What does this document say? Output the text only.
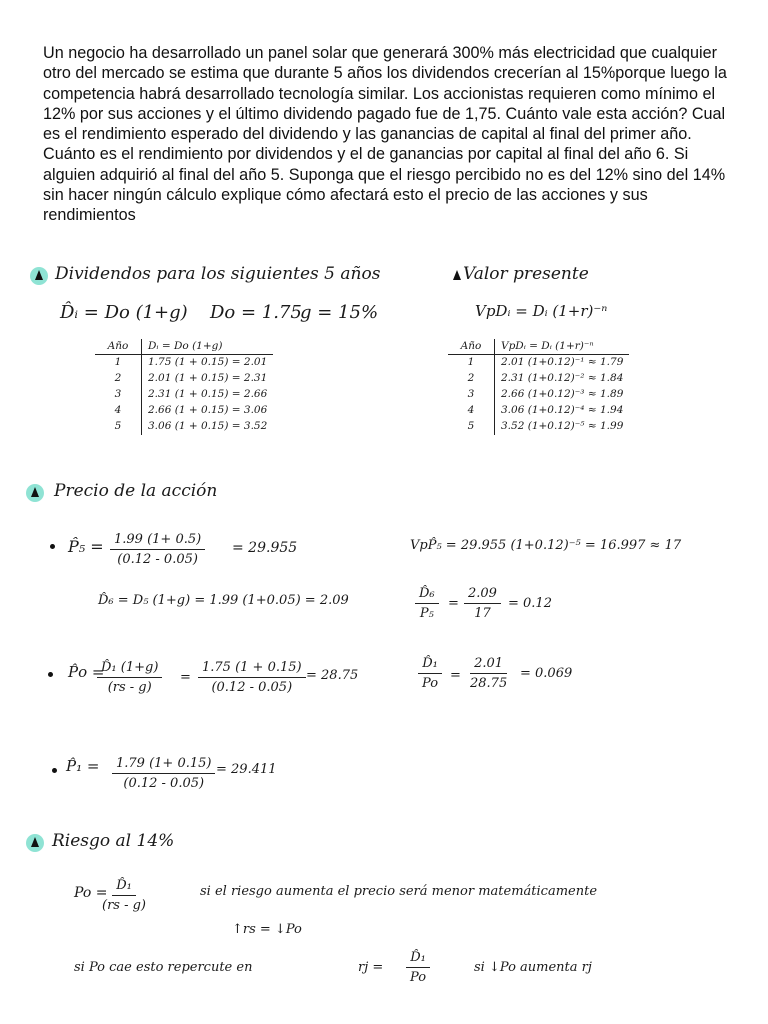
Un negocio ha desarrollado un panel solar que generará 300% más electricidad que cualquier otro del mercado se estima que durante 5 años los dividendos crecerían al 15%porque luego la competencia habrá desarrollado tecnología similar. Los accionistas requieren como mínimo el 12% por sus acciones y el último dividendo pagado fue de 1,75. Cuánto vale esta acción? Cual es el rendimiento esperado del dividendo y las ganancias de capital al final del primer año. Cuánto es el rendimiento por dividendos y el de ganancias por capital al final del año 6. Si alguien adquirió al final del año 5. Suponga que el riesgo percibido no es del 12% sino del 14% sin hacer ningún cálculo explique cómo afectará esto el precio de las acciones y sus rendimientos
Dividendos para los siguientes 5 años
D̂ᵢ = Do (1+g) Do = 1.75
g = 15%
Año	Dᵢ = Do (1+g)
1	1.75 (1 + 0.15) = 2.01
2	2.01 (1 + 0.15) = 2.31
3	2.31 (1 + 0.15) = 2.66
4	2.66 (1 + 0.15) = 3.06
5	3.06 (1 + 0.15) = 3.52
Valor presente
VpDᵢ = Dᵢ (1+r)⁻ⁿ
Año	VpDᵢ = Dᵢ (1+r)⁻ⁿ
1	2.01 (1+0.12)⁻¹ ≈ 1.79
2	2.31 (1+0.12)⁻² ≈ 1.84
3	2.66 (1+0.12)⁻³ ≈ 1.89
4	3.06 (1+0.12)⁻⁴ ≈ 1.94
5	3.52 (1+0.12)⁻⁵ ≈ 1.99
Precio de la acción
P̂₅ = $\frac{1.99 (1+ 0.5)}{(0.12 - 0.05)} = 29.955$	VpP̂₅ = 29.955 (1+0.12)⁻⁵ = 16.997 ≈ 17
D̂₆ = D₅ (1+g) = 1.99 (1+0.05) = 2.09	$\frac{\text{D̂₆}}{\text{P₅}} = \frac{2.09}{17} = 0.12$
P̂o =
$\frac{\text{D̂₁ (1+g)}}{(rs - g)} = \frac{1.75 (1 + 0.15)}{(0.12 - 0.05)} = 28.75$	$\frac{\text{D̂₁}}{Po} = \frac{2.01}{28.75} = 0.069$
P̂₁ = $\frac{1.79 (1+ 0.15)}{(0.12 - 0.05)} = 29.411$
Riesgo al 14%
Po =
$\frac{\text{D̂₁}}{(rs - g)}$	si el riesgo aumenta el precio será menor matemáticamente
↑rs = ↓Po
si Po cae esto repercute en	rj = $\frac{\text{D̂₁}}{Po}$	si ↓Po aumenta rj
